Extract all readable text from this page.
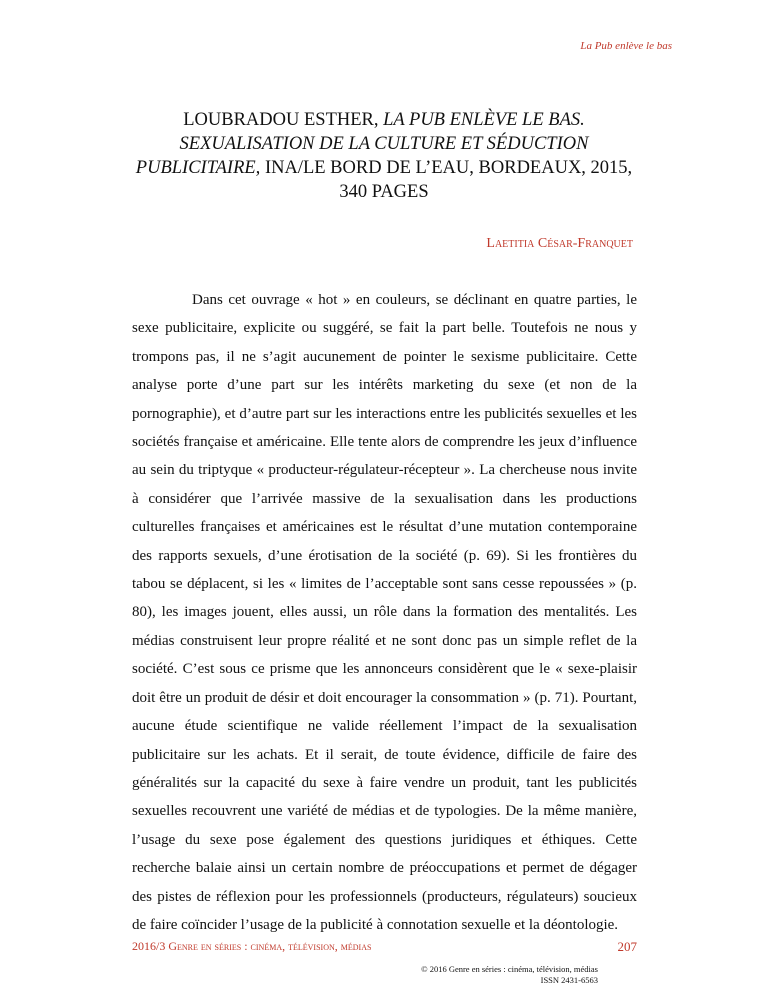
La Pub enlève le bas
LOUBRADOU ESTHER, LA PUB ENLÈVE LE BAS. SEXUALISATION DE LA CULTURE ET SÉDUCTION PUBLICITAIRE, INA/LE BORD DE L’EAU, BORDEAUX, 2015, 340 PAGES
Laetitia César-Franquet

Dans cet ouvrage « hot » en couleurs, se déclinant en quatre parties, le sexe publicitaire, explicite ou suggéré, se fait la part belle. Toutefois ne nous y trompons pas, il ne s’agit aucunement de pointer le sexisme publicitaire. Cette analyse porte d’une part sur les intérêts marketing du sexe (et non de la pornographie), et d’autre part sur les interactions entre les publicités sexuelles et les sociétés française et américaine. Elle tente alors de comprendre les jeux d’influence au sein du triptyque « producteur-régulateur-récepteur ». La chercheuse nous invite à considérer que l’arrivée massive de la sexualisation dans les productions culturelles françaises et américaines est le résultat d’une mutation contemporaine des rapports sexuels, d’une érotisation de la société (p. 69). Si les frontières du tabou se déplacent, si les « limites de l’acceptable sont sans cesse repoussées » (p. 80), les images jouent, elles aussi, un rôle dans la formation des mentalités. Les médias construisent leur propre réalité et ne sont donc pas un simple reflet de la société. C’est sous ce prisme que les annonceurs considèrent que le « sexe-plaisir doit être un produit de désir et doit encourager la consommation » (p. 71). Pourtant, aucune étude scientifique ne valide réellement l’impact de la sexualisation publicitaire sur les achats. Et il serait, de toute évidence, difficile de faire des généralités sur la capacité du sexe à faire vendre un produit, tant les publicités sexuelles recouvrent une variété de médias et de typologies. De la même manière, l’usage du sexe pose également des questions juridiques et éthiques. Cette recherche balaie ainsi un certain nombre de préoccupations et permet de dégager des pistes de réflexion pour les professionnels (producteurs, régulateurs) soucieux de faire coïncider l’usage de la publicité à connotation sexuelle et la déontologie.

2016/3 Genre en séries : cinéma, télévision, médias	207
© 2016 Genre en séries : cinéma, télévision, médias
ISSN 2431-6563
